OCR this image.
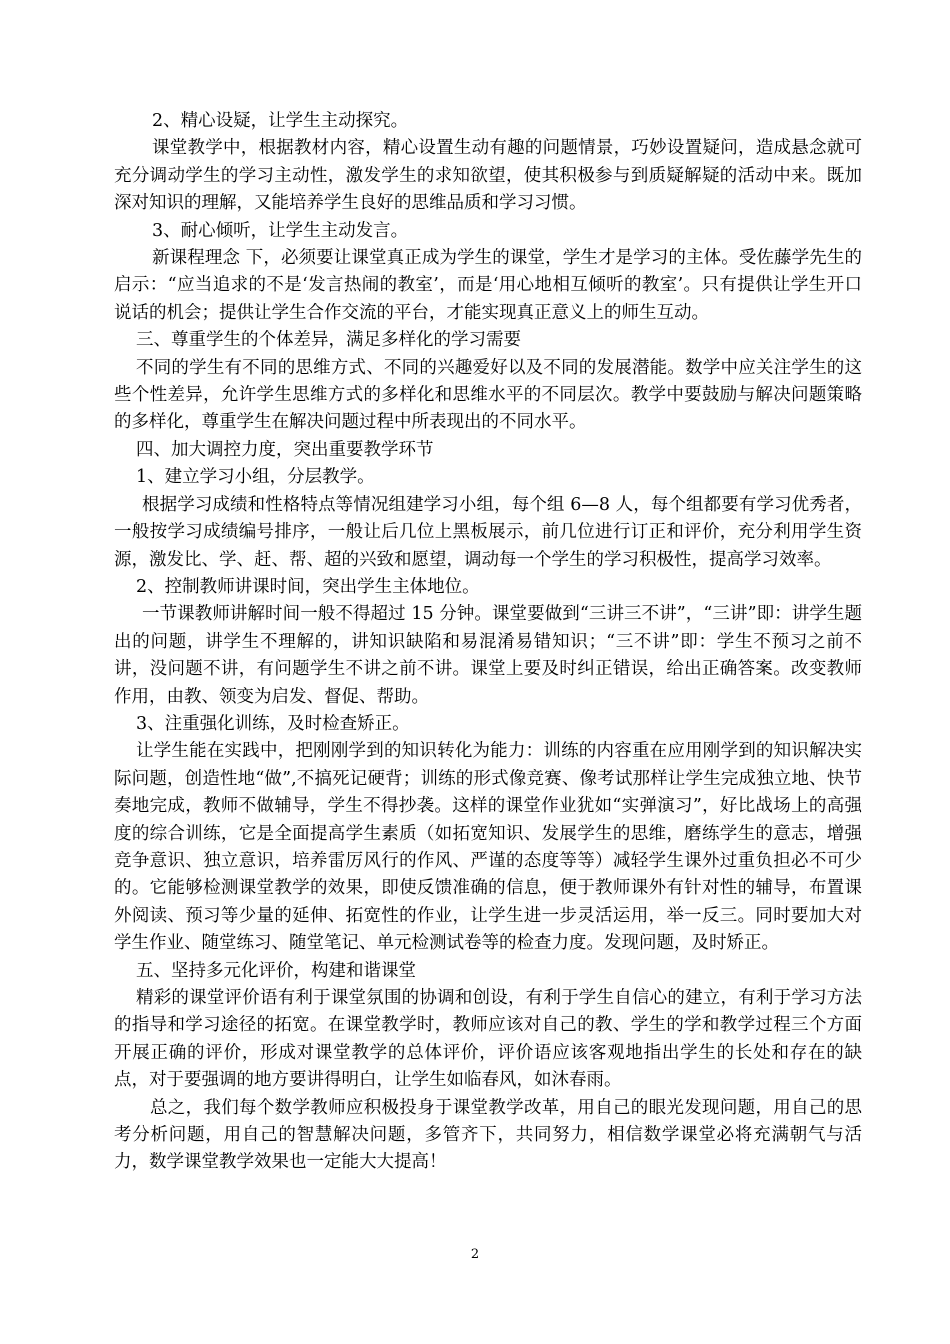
2、精心设疑，让学生主动探究。

课堂教学中，根据教材内容，精心设置生动有趣的问题情景，巧妙设置疑问，造成悬念就可充分调动学生的学习主动性，激发学生的求知欲望，使其积极参与到质疑解疑的活动中来。既加深对知识的理解，又能培养学生良好的思维品质和学习习惯。

3、耐心倾听，让学生主动发言。

新课程理念 下，必须要让课堂真正成为学生的课堂，学生才是学习的主体。受佐藤学先生的启示：“应当追求的不是‘发言热闹的教室’，而是‘用心地相互倾听的教室’。只有提供让学生开口说话的机会；提供让学生合作交流的平台，才能实现真正意义上的师生互动。

三、尊重学生的个体差异，满足多样化的学习需要

不同的学生有不同的思维方式、不同的兴趣爱好以及不同的发展潜能。数学中应关注学生的这些个性差异，允许学生思维方式的多样化和思维水平的不同层次。教学中要鼓励与解决问题策略的多样化，尊重学生在解决问题过程中所表现出的不同水平。

四、加大调控力度，突出重要教学环节

1、建立学习小组，分层教学。

根据学习成绩和性格特点等情况组建学习小组，每个组 6—8 人，每个组都要有学习优秀者，一般按学习成绩编号排序，一般让后几位上黑板展示，前几位进行订正和评价，充分利用学生资源，激发比、学、赶、帮、超的兴致和愿望，调动每一个学生的学习积极性，提高学习效率。

2、控制教师讲课时间，突出学生主体地位。

一节课教师讲解时间一般不得超过 15 分钟。课堂要做到“三讲三不讲”，“三讲”即：讲学生题出的问题，讲学生不理解的，讲知识缺陷和易混淆易错知识；“三不讲”即：学生不预习之前不讲，没问题不讲，有问题学生不讲之前不讲。课堂上要及时纠正错误，给出正确答案。改变教师作用，由教、领变为启发、督促、帮助。

3、注重强化训练，及时检查矫正。

让学生能在实践中，把刚刚学到的知识转化为能力：训练的内容重在应用刚学到的知识解决实际问题，创造性地“做”,不搞死记硬背；训练的形式像竞赛、像考试那样让学生完成独立地、快节奏地完成，教师不做辅导，学生不得抄袭。这样的课堂作业犹如“实弹演习”，好比战场上的高强度的综合训练，它是全面提高学生素质（如拓宽知识、发展学生的思维，磨练学生的意志，增强竞争意识、独立意识，培养雷厉风行的作风、严谨的态度等等）减轻学生课外过重负担必不可少的。它能够检测课堂教学的效果，即使反馈准确的信息，便于教师课外有针对性的辅导，布置课外阅读、预习等少量的延伸、拓宽性的作业，让学生进一步灵活运用，举一反三。同时要加大对学生作业、随堂练习、随堂笔记、单元检测试卷等的检查力度。发现问题，及时矫正。

五、坚持多元化评价，构建和谐课堂

精彩的课堂评价语有利于课堂氛围的协调和创设，有利于学生自信心的建立，有利于学习方法的指导和学习途径的拓宽。在课堂教学时，教师应该对自己的教、学生的学和教学过程三个方面开展正确的评价，形成对课堂教学的总体评价，评价语应该客观地指出学生的长处和存在的缺点，对于要强调的地方要讲得明白，让学生如临春风，如沐春雨。

总之，我们每个数学教师应积极投身于课堂教学改革，用自己的眼光发现问题，用自己的思考分析问题，用自己的智慧解决问题，多管齐下，共同努力，相信数学课堂必将充满朝气与活力，数学课堂教学效果也一定能大大提高！

2
